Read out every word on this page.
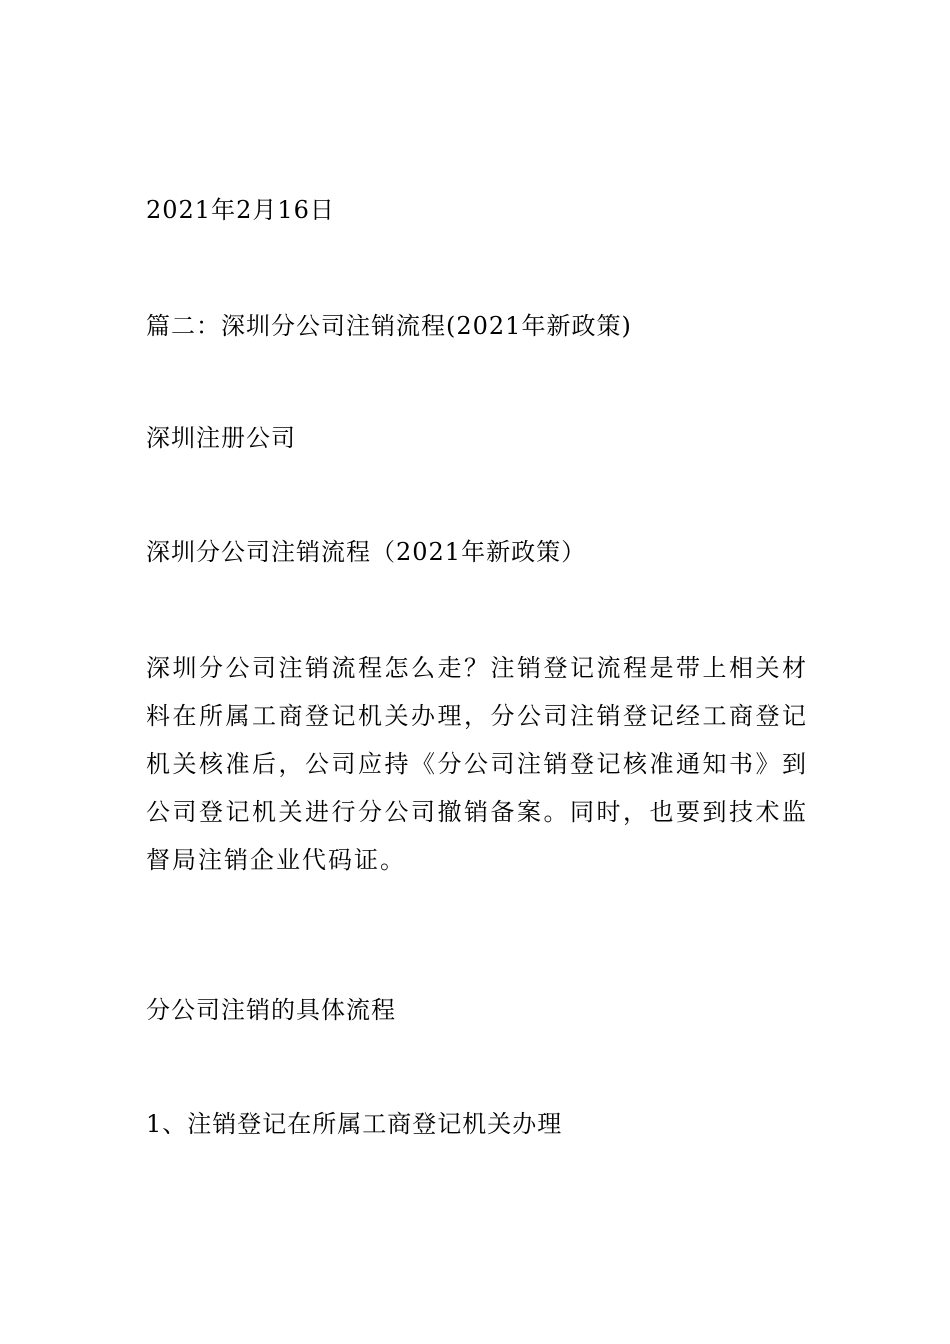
2021年2月16日
篇二：深圳分公司注销流程(2021年新政策)
深圳注册公司
深圳分公司注销流程（2021年新政策）
深圳分公司注销流程怎么走？注销登记流程是带上相关材料在所属工商登记机关办理，分公司注销登记经工商登记机关核准后，公司应持《分公司注销登记核准通知书》到公司登记机关进行分公司撤销备案。同时，也要到技术监督局注销企业代码证。
分公司注销的具体流程
1、注销登记在所属工商登记机关办理
